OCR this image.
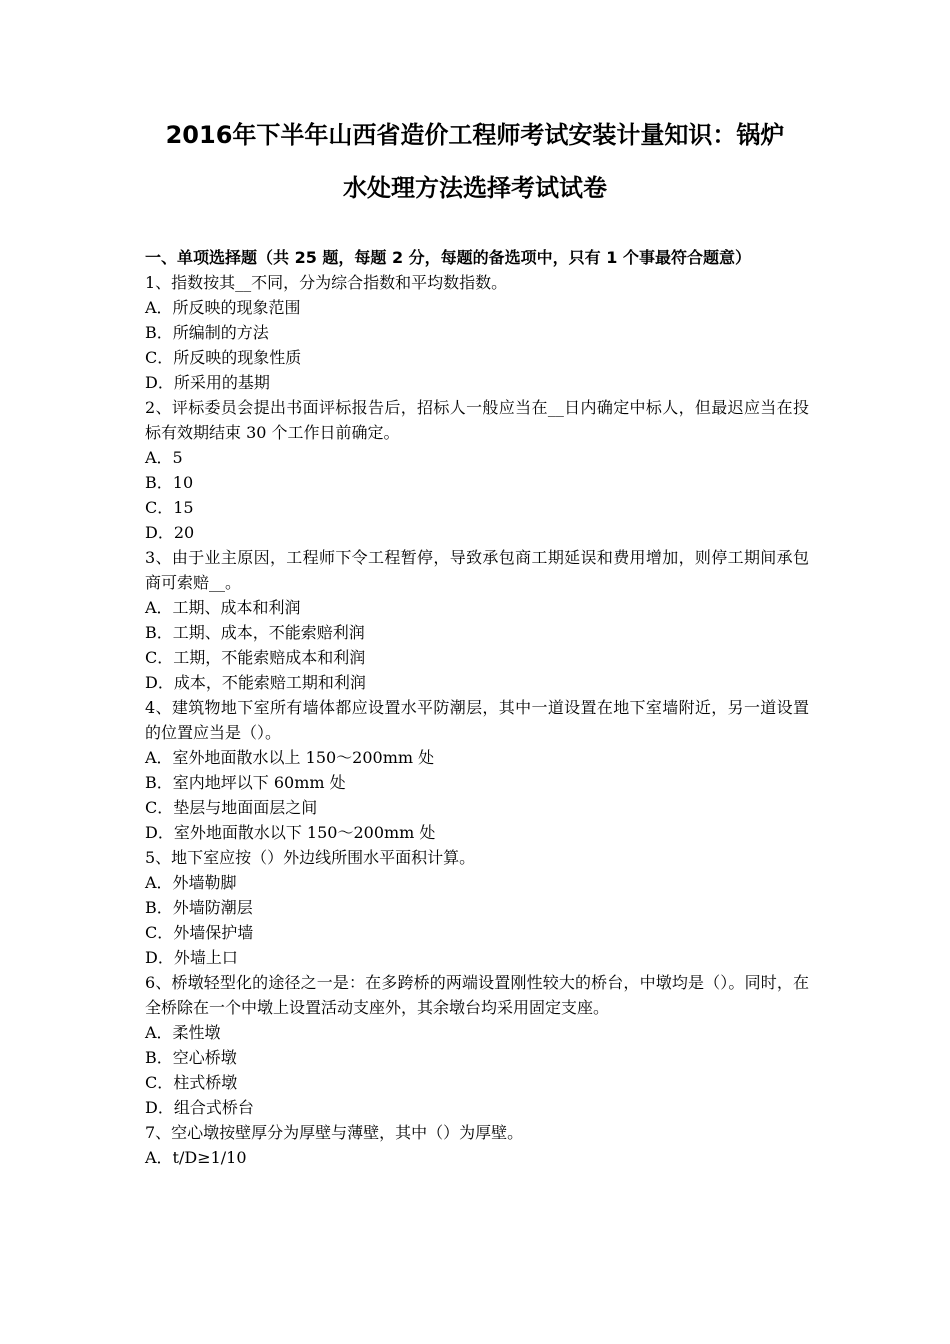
2016年下半年山西省造价工程师考试安装计量知识：锅炉
水处理方法选择考试试卷
一、单项选择题（共 25 题，每题 2 分，每题的备选项中，只有 1 个事最符合题意）
1、指数按其__不同，分为综合指数和平均数指数。
A．所反映的现象范围
B．所编制的方法
C．所反映的现象性质
D．所采用的基期
2、评标委员会提出书面评标报告后，招标人一般应当在__日内确定中标人，但最迟应当在投标有效期结束 30 个工作日前确定。
A．5
B．10
C．15
D．20
3、由于业主原因，工程师下令工程暂停，导致承包商工期延误和费用增加，则停工期间承包商可索赔__。
A．工期、成本和利润
B．工期、成本，不能索赔利润
C．工期，不能索赔成本和利润
D．成本，不能索赔工期和利润
4、建筑物地下室所有墙体都应设置水平防潮层，其中一道设置在地下室墙附近，另一道设置的位置应当是（）。
A．室外地面散水以上 150～200mm 处
B．室内地坪以下 60mm 处
C．垫层与地面面层之间
D．室外地面散水以下 150～200mm 处
5、地下室应按（）外边线所围水平面积计算。
A．外墙勒脚
B．外墙防潮层
C．外墙保护墙
D．外墙上口
6、桥墩轻型化的途径之一是：在多跨桥的两端设置刚性较大的桥台，中墩均是（）。同时，在全桥除在一个中墩上设置活动支座外，其余墩台均采用固定支座。
A．柔性墩
B．空心桥墩
C．柱式桥墩
D．组合式桥台
7、空心墩按壁厚分为厚壁与薄壁，其中（）为厚壁。
A．t/D≥1/10
